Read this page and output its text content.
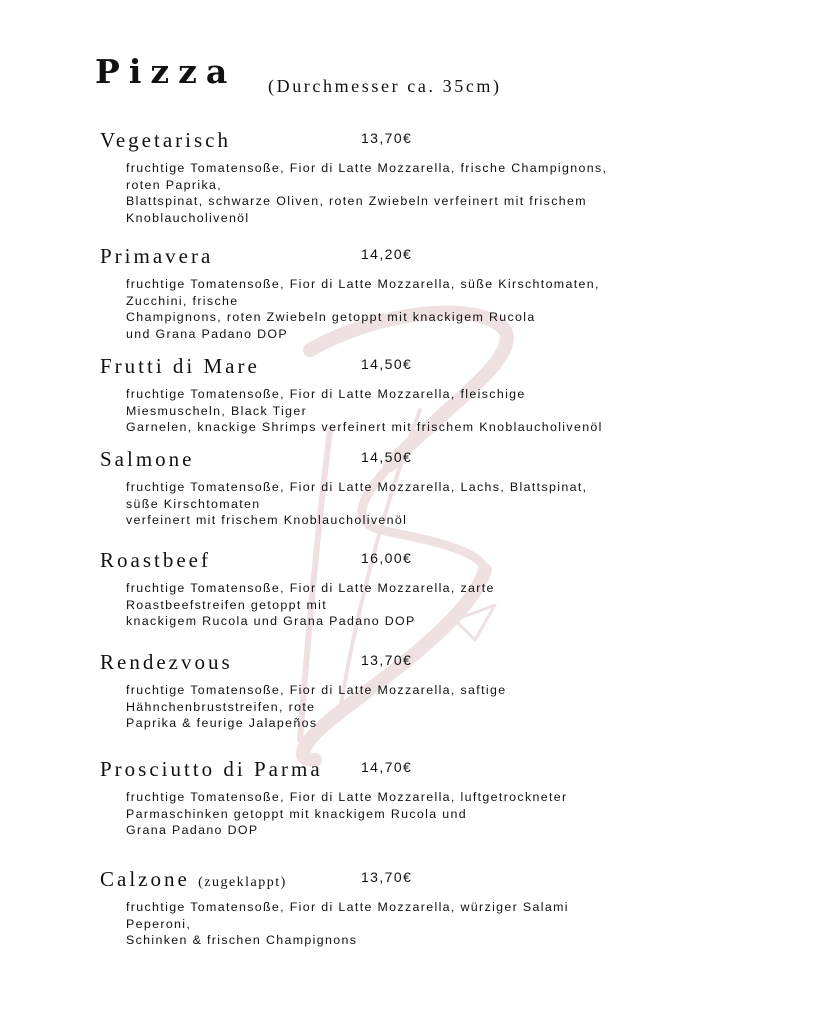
Pizza (Durchmesser ca. 35cm)
Vegetarisch	13,70€
fruchtige Tomatensoße, Fior di Latte Mozzarella, frische Champignons,
roten Paprika,
Blattspinat, schwarze Oliven, roten Zwiebeln verfeinert mit frischem
Knoblaucholivenöl
Primavera	14,20€
fruchtige Tomatensoße, Fior di Latte Mozzarella, süße Kirschtomaten,
Zucchini, frische
Champignons, roten Zwiebeln getoppt mit knackigem Rucola
und Grana Padano DOP
Frutti di Mare	14,50€
fruchtige Tomatensoße, Fior di Latte Mozzarella, fleischige
Miesmuscheln, Black Tiger
Garnelen, knackige Shrimps verfeinert mit frischem Knoblaucholivenöl
Salmone	14,50€
fruchtige Tomatensoße, Fior di Latte Mozzarella, Lachs, Blattspinat,
süße Kirschtomaten
verfeinert mit frischem Knoblaucholivenöl
Roastbeef	16,00€
fruchtige Tomatensoße, Fior di Latte Mozzarella, zarte
Roastbeefstreifen getoppt mit
knackigem Rucola und Grana Padano DOP
Rendezvous	13,70€
fruchtige Tomatensoße, Fior di Latte Mozzarella, saftige
Hähnchenbruststreifen, rote
Paprika & feurige Jalapeños
Prosciutto di Parma	14,70€
fruchtige Tomatensoße, Fior di Latte Mozzarella, luftgetrockneter
Parmaschinken getoppt mit knackigem Rucola und
Grana Padano DOP
Calzone (zugeklappt)	13,70€
fruchtige Tomatensoße, Fior di Latte Mozzarella, würziger Salami
Peperoni,
Schinken & frischen Champignons
